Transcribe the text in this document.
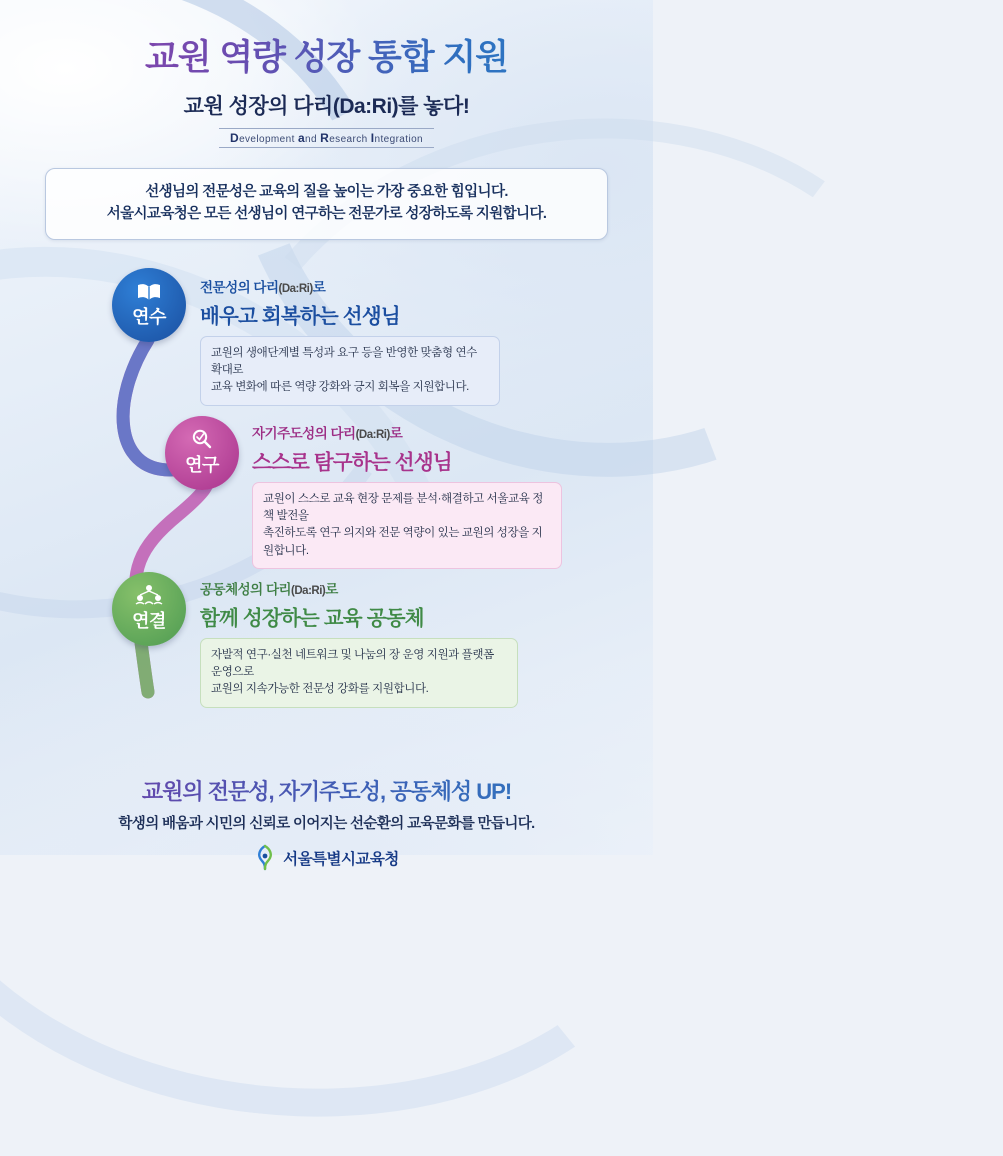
교원 역량 성장 통합 지원
교원 성장의 다리(Da:Ri)를 놓다!
Development and Research Integration

선생님의 전문성은 교육의 질을 높이는 가장 중요한 힘입니다.

서울시교육청은 모든 선생님이 연구하는 전문가로 성장하도록 지원합니다.

연수
전문성의 다리(Da:Ri)로
배우고 회복하는 선생님
교원의 생애단계별 특성과 요구 등을 반영한 맞춤형 연수 확대로
교육 변화에 따른 역량 강화와 긍지 회복을 지원합니다.
연구
자기주도성의 다리(Da:Ri)로
스스로 탐구하는 선생님
교원이 스스로 교육 현장 문제를 분석·해결하고 서울교육 정책 발전을
촉진하도록 연구 의지와 전문 역량이 있는 교원의 성장을 지원합니다.
연결
공동체성의 다리(Da:Ri)로
함께 성장하는 교육 공동체
자발적 연구·실천 네트워크 및 나눔의 장 운영 지원과 플랫폼 운영으로
교원의 지속가능한 전문성 강화를 지원합니다.
교원의 전문성, 자기주도성, 공동체성 UP!
학생의 배움과 시민의 신뢰로 이어지는 선순환의 교육문화를 만듭니다.
서울특별시교육청
